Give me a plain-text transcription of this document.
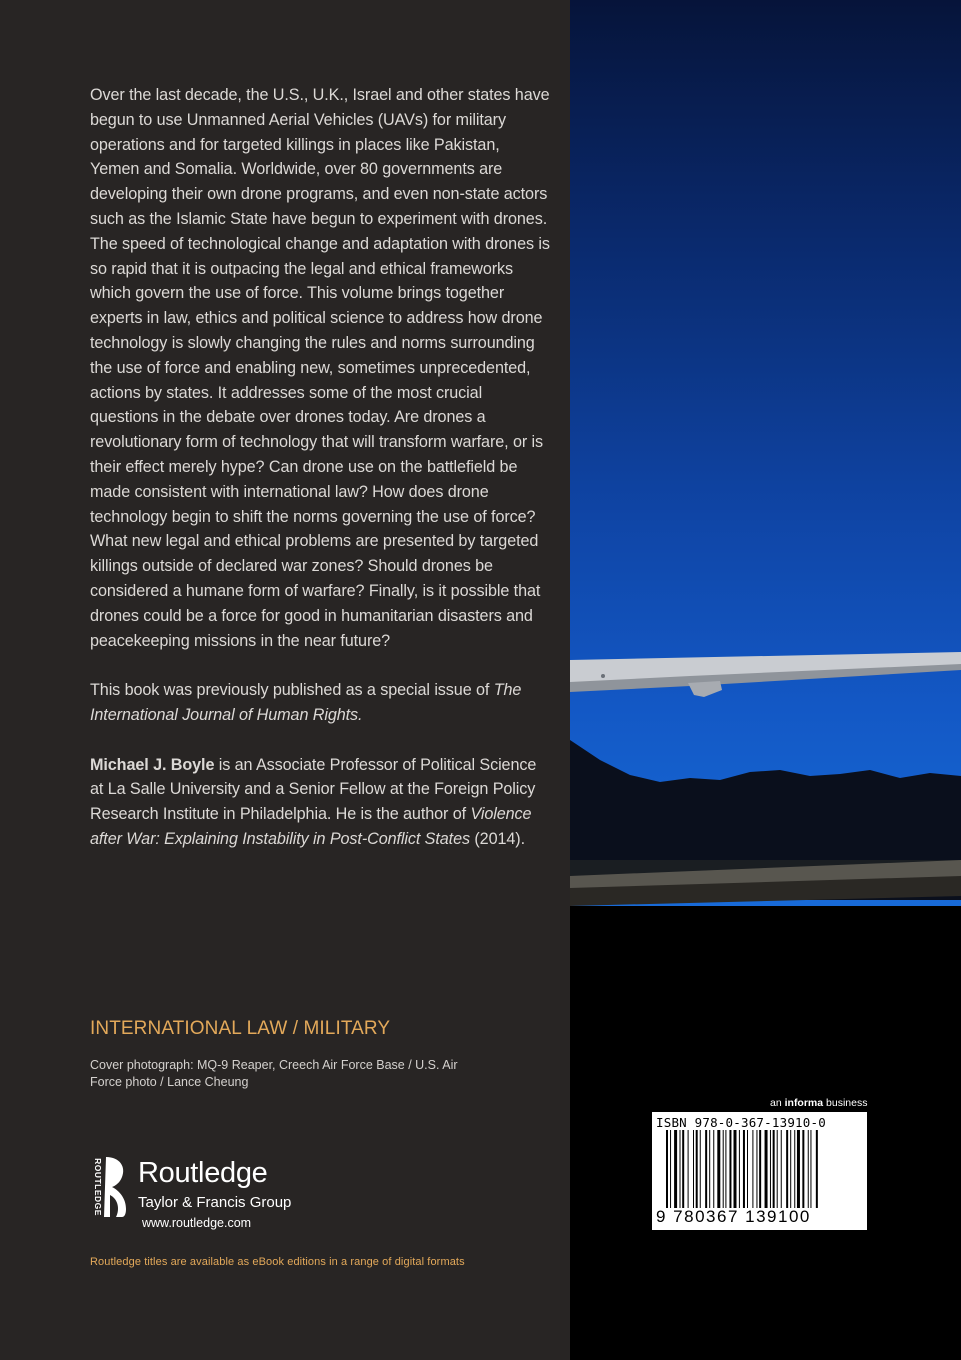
Over the last decade, the U.S., U.K., Israel and other states have begun to use Unmanned Aerial Vehicles (UAVs) for military operations and for targeted killings in places like Pakistan, Yemen and Somalia. Worldwide, over 80 governments are developing their own drone programs, and even non-state actors such as the Islamic State have begun to experiment with drones. The speed of technological change and adaptation with drones is so rapid that it is outpacing the legal and ethical frameworks which govern the use of force. This volume brings together experts in law, ethics and political science to address how drone technology is slowly changing the rules and norms surrounding the use of force and enabling new, sometimes unprecedented, actions by states. It addresses some of the most crucial questions in the debate over drones today. Are drones a revolutionary form of technology that will transform warfare, or is their effect merely hype? Can drone use on the battlefield be made consistent with international law? How does drone technology begin to shift the norms governing the use of force? What new legal and ethical problems are presented by targeted killings outside of declared war zones? Should drones be considered a humane form of warfare? Finally, is it possible that drones could be a force for good in humanitarian disasters and peacekeeping missions in the near future?

This book was previously published as a special issue of The International Journal of Human Rights.

Michael J. Boyle is an Associate Professor of Political Science at La Salle University and a Senior Fellow at the Foreign Policy Research Institute in Philadelphia. He is the author of Violence after War: Explaining Instability in Post-Conflict States (2014).

INTERNATIONAL LAW / MILITARY
Cover photograph: MQ-9 Reaper, Creech Air Force Base / U.S. Air Force photo / Lance Cheung
ROUTLEDGE Routledge
Taylor & Francis Group
www.routledge.com
Routledge titles are available as eBook editions in a range of digital formats
an informa business
ISBN 978-0-367-13910-0
9 780367 139100
